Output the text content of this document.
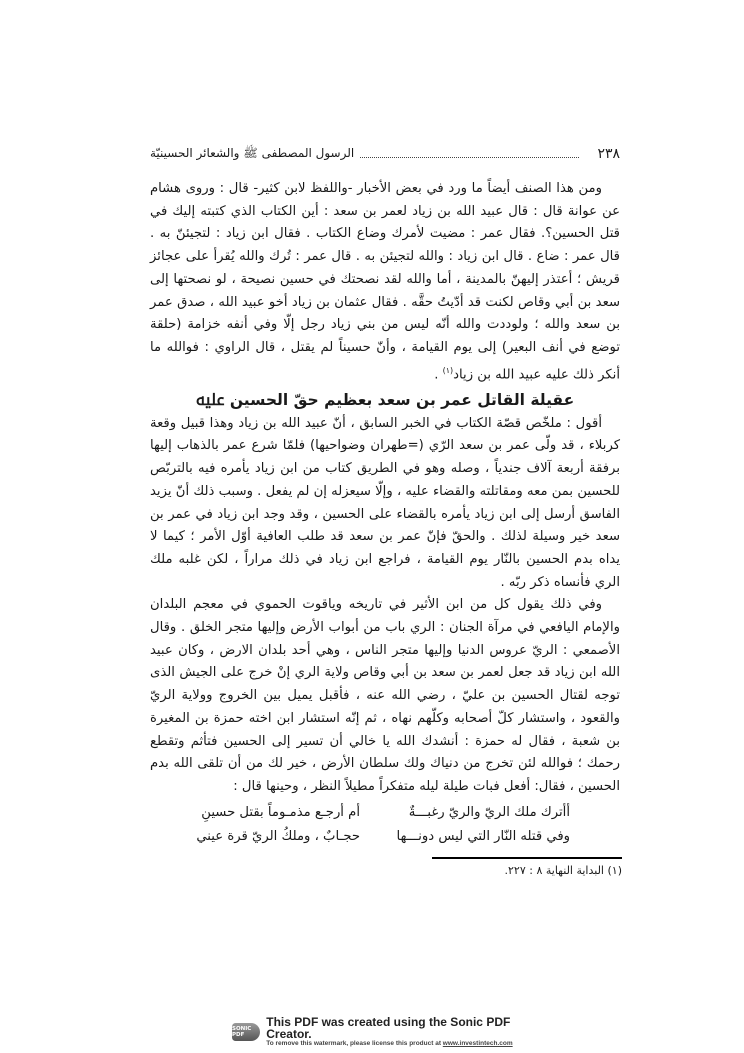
٢٣٨
الرسول المصطفى ﷺ والشعائر الحسينيّة

ومن هذا الصنف أيضاً ما ورد في بعض الأخبار -واللفظ لابن كثير- قال : وروى هشام عن عوانة قال : قال عبيد الله بن زياد لعمر بن سعد : أين الكتاب الذي كتبته إليك في قتل الحسين؟. فقال عمر : مضيت لأمرك وضاع الكتاب . فقال ابن زياد : لتجيئنّ به . قال عمر : ضاع . قال ابن زياد : والله لتجيئن به . قال عمر : تُرك والله يُقرأ على عجائز قريش ؛ أعتذر إليهنّ بالمدينة ، أما والله لقد نصحتك في حسين نصيحة ، لو نصحتها إلى سعد بن أبي وقاص لكنت قد أدّيتُ حقَّه . فقال عثمان بن زياد أخو عبيد الله ، صدق عمر بن سعد والله ؛ ولوددت والله أنّه ليس من بني زياد رجل إلّا وفي أنفه خزامة (حلقة توضع في أنف البعير) إلى يوم القيامة ، وأنّ حسيناً لم يقتل ، قال الراوي : فوالله ما أنكر ذلك عليه عبيد الله بن زياد$^{(١)}$ .

عقيلة القاتل عمر بن سعد بعظيم حقّ الحسين ﷷ

أقول : ملخّص قصّة الكتاب في الخبر السابق ، أنّ عبيد الله بن زياد وهذا قبيل وقعة كربلاء ، قد ولّى عمر بن سعد الرّي (=طهران وضواحيها) فلمّا شرع عمر بالذهاب إليها برفقة أربعة آلاف جندياً ، وصله وهو في الطريق كتاب من ابن زياد يأمره فيه بالتربّص للحسين بمن معه ومقاتلته والقضاء عليه ، وإلّا سيعزله إن لم يفعل . وسبب ذلك أنّ يزيد الفاسق أرسل إلى ابن زياد يأمره بالقضاء على الحسين ، وقد وجد ابن زياد في عمر بن سعد خير وسيلة لذلك . والحقّ فإنّ عمر بن سعد قد طلب العافية أوّل الأمر ؛ كيما لا يداه بدم الحسين بالنّار يوم القيامة ، فراجع ابن زياد في ذلك مراراً ، لكن غلبه ملك الري فأنساه ذكر ربّه .

وفي ذلك يقول كل من ابن الأثير في تاريخه وياقوت الحموي في معجم البلدان والإمام اليافعي في مرآة الجنان : الري باب من أبواب الأرض وإليها متجر الخلق . وقال الأصمعي : الريّ عروس الدنيا وإليها متجر الناس ، وهي أحد بلدان الارض ، وكان عبيد الله ابن زياد قد جعل لعمر بن سعد بن أبي وقاص ولاية الري إنْ خرج على الجيش الذى توجه لقتال الحسين بن عليّ ، رضي الله عنه ، فأقبل يميل بين الخروج وولاية الريّ والقعود ، واستشار كلّ أصحابه وكلّهم نهاه ، ثم إنّه استشار ابن اخته حمزة بن المغيرة بن شعبة ، فقال له حمزة : أنشدك الله يا خالي أن تسير إلى الحسين فتأثم وتقطع رحمك ؛ فوالله لئن تخرج من دنياك ولك سلطان الأرض ، خير لك من أن تلقى الله بدم الحسين ، فقال: أفعل فبات طيلة ليله متفكراً مطيلاً النظر ، وحينها قال :

أأترك ملك الريّ والريّ رغبـــةٌ
أم أرجـع مذمـوماً بقتل حسينِ
وفي قتله النّار التي ليس دونـــها
حجـابٌ ، وملكُ الريّ قرة عيني
(١) البداية النهاية ٨ : ٢٢٧.
SONIC PDF
This PDF was created using the Sonic PDF Creator.
To remove this watermark, please license this product at www.investintech.com
